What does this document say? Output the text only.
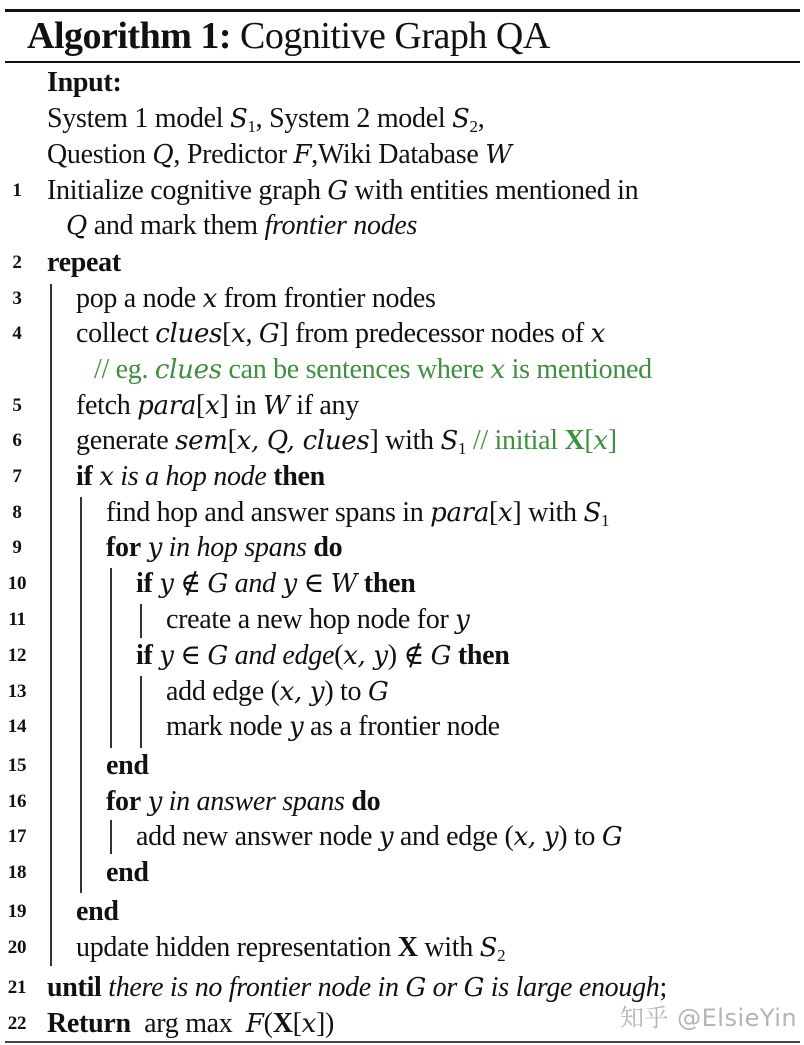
Algorithm 1: Cognitive Graph QA
Input:
System 1 model $S_1$, System 2 model $S_2$,
Question Q, Predictor F,Wiki Database W
1 Initialize cognitive graph G with entities mentioned in
Q and mark them frontier nodes
2 repeat
3	pop a node x from frontier nodes
4	collect clues[x, G] from predecessor nodes of x
// eg. clues can be sentences where x is mentioned
5	fetch para[x] in W if any
6	generate sem[x, Q, clues] with $S_1$ // initial X[x]
7	if x is a hop node then
8	find hop and answer spans in para[x] with $S_1$
9	for y in hop spans do
10	if y ∉ G and y ∈ W then
11	create a new hop node for y
12	if y ∈ G and edge(x, y) ∉ G then
13	add edge (x, y) to G
14	mark node y as a frontier node
15	end
16	for y in answer spans do
17	add new answer node y and edge (x, y) to G
18	end
19 end
20 update hidden representation X with $S_2$
21 until there is no frontier node in G or G is large enough;
22 Return  arg max  F(X[x])	知乎 @ElsieYin
